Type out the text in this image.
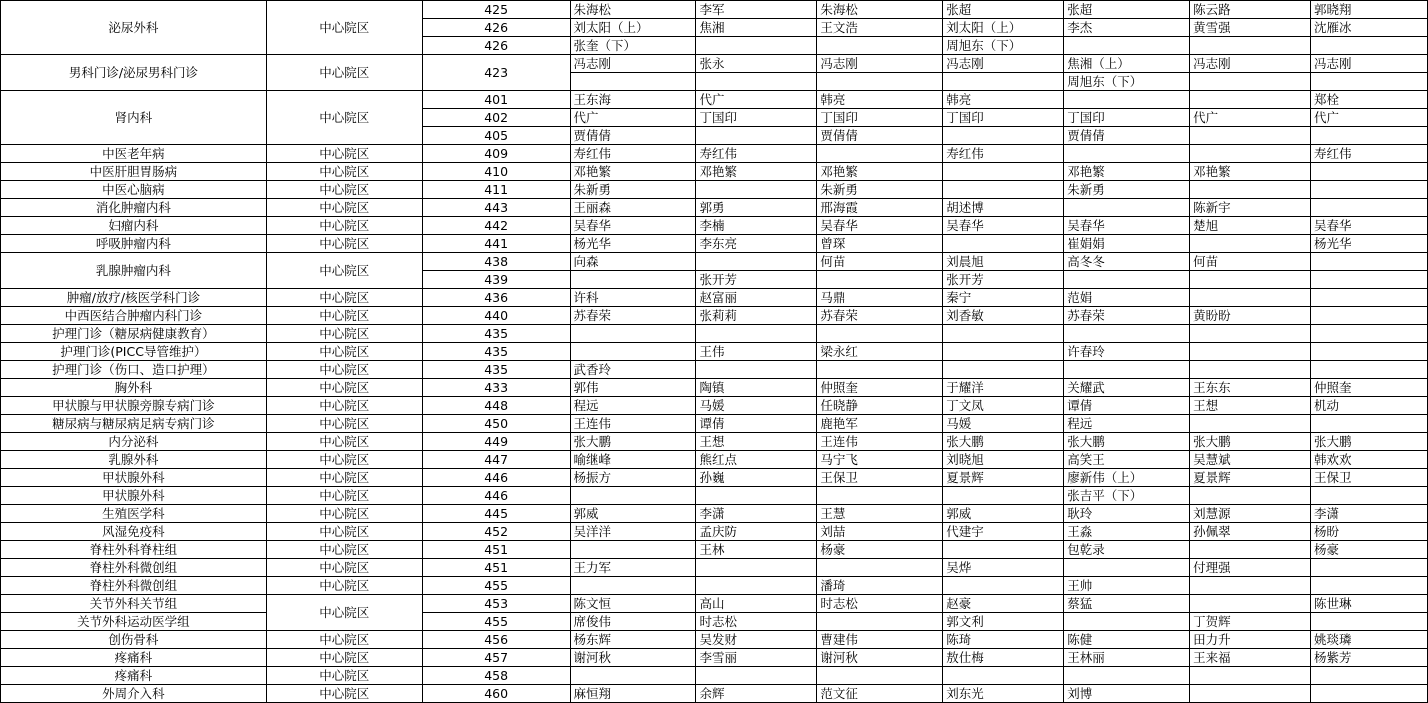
泌尿外科	中心院区	425	朱海松	李军	朱海松	张超	张超	陈云路	郭晓翔
		426	刘太阳（上）	焦湘	王文浩	刘太阳（上）	李杰	黄雪强	沈雁冰
		426	张奎（下）			周旭东（下）			
男科门诊/泌尿男科门诊	中心院区	423	冯志刚	张永	冯志刚	冯志刚	焦湘（上）	冯志刚	冯志刚
							周旭东（下）		
肾内科	中心院区	401	王东海	代广	韩亮	韩亮			郑栓
		402	代广	丁国印	丁国印	丁国印	丁国印	代广	代广
		405	贾倩倩		贾倩倩		贾倩倩		
中医老年病	中心院区	409	寿红伟	寿红伟		寿红伟			寿红伟
中医肝胆胃肠病	中心院区	410	邓艳繁	邓艳繁	邓艳繁		邓艳繁	邓艳繁	
中医心脑病	中心院区	411	朱新勇		朱新勇		朱新勇		
消化肿瘤内科	中心院区	443	王丽森	郭勇	邢海霞	胡述博		陈新宇	
妇瘤内科	中心院区	442	吴春华	李楠	吴春华	吴春华	吴春华	楚旭	吴春华
呼吸肿瘤内科	中心院区	441	杨光华	李东亮	曾琛		崔娟娟		杨光华
乳腺肿瘤内科	中心院区	438	向森		何苗	刘晨旭	高冬冬	何苗	
		439		张开芳		张开芳			
肿瘤/放疗/核医学科门诊	中心院区	436	许科	赵富丽	马鼎	秦宁	范娟		
中西医结合肿瘤内科门诊	中心院区	440	苏春荣	张莉莉	苏春荣	刘香敏	苏春荣	黄盼盼	
护理门诊（糖尿病健康教育）	中心院区	435							
护理门诊(PICC导管维护）	中心院区	435		王伟	梁永红		许春玲		
护理门诊（伤口、造口护理）	中心院区	435	武香玲						
胸外科	中心院区	433	郭伟	陶镇	仲照奎	于耀洋	关耀武	王东东	仲照奎
甲状腺与甲状腺旁腺专病门诊	中心院区	448	程远	马媛	任晓静	丁文凤	谭倩	王想	机动
糖尿病与糖尿病足病专病门诊	中心院区	450	王连伟	谭倩	鹿艳军	马媛	程远		
内分泌科	中心院区	449	张大鹏	王想	王连伟	张大鹏	张大鹏	张大鹏	张大鹏
乳腺外科	中心院区	447	喻继峰	熊红点	马宁飞	刘晓旭	高笑王	吴慧斌	韩欢欢
甲状腺外科	中心院区	446	杨振方	孙巍	王保卫	夏景辉	廖新伟（上）	夏景辉	王保卫
甲状腺外科	中心院区	446					张吉平（下）		
生殖医学科	中心院区	445	郭威	李潇	王慧	郭威	耿玲	刘慧源	李潇
风湿免疫科	中心院区	452	吴洋洋	孟庆防	刘喆	代建宇	王淼	孙佩翠	杨盼
脊柱外科脊柱组	中心院区	451		王林	杨豪		包乾录		杨豪
脊柱外科微创组	中心院区	451	王力军			吴烨		付理强	
脊柱外科微创组	中心院区	455			潘琦		王帅		
关节外科关节组	中心院区	453	陈文恒	高山	时志松	赵豪	蔡猛		陈世琳
关节外科运动医学组		455	席俊伟	时志松		郭文利		丁贺辉	
创伤骨科	中心院区	456	杨东辉	吴发财	曹建伟	陈琦	陈健	田力升	姚琰璘
疼痛科	中心院区	457	谢河秋	李雪丽	谢河秋	敖仕梅	王林丽	王来福	杨紫芳
疼痛科	中心院区	458							
外周介入科	中心院区	460	麻恒翔	余辉	范文征	刘东光	刘博		
